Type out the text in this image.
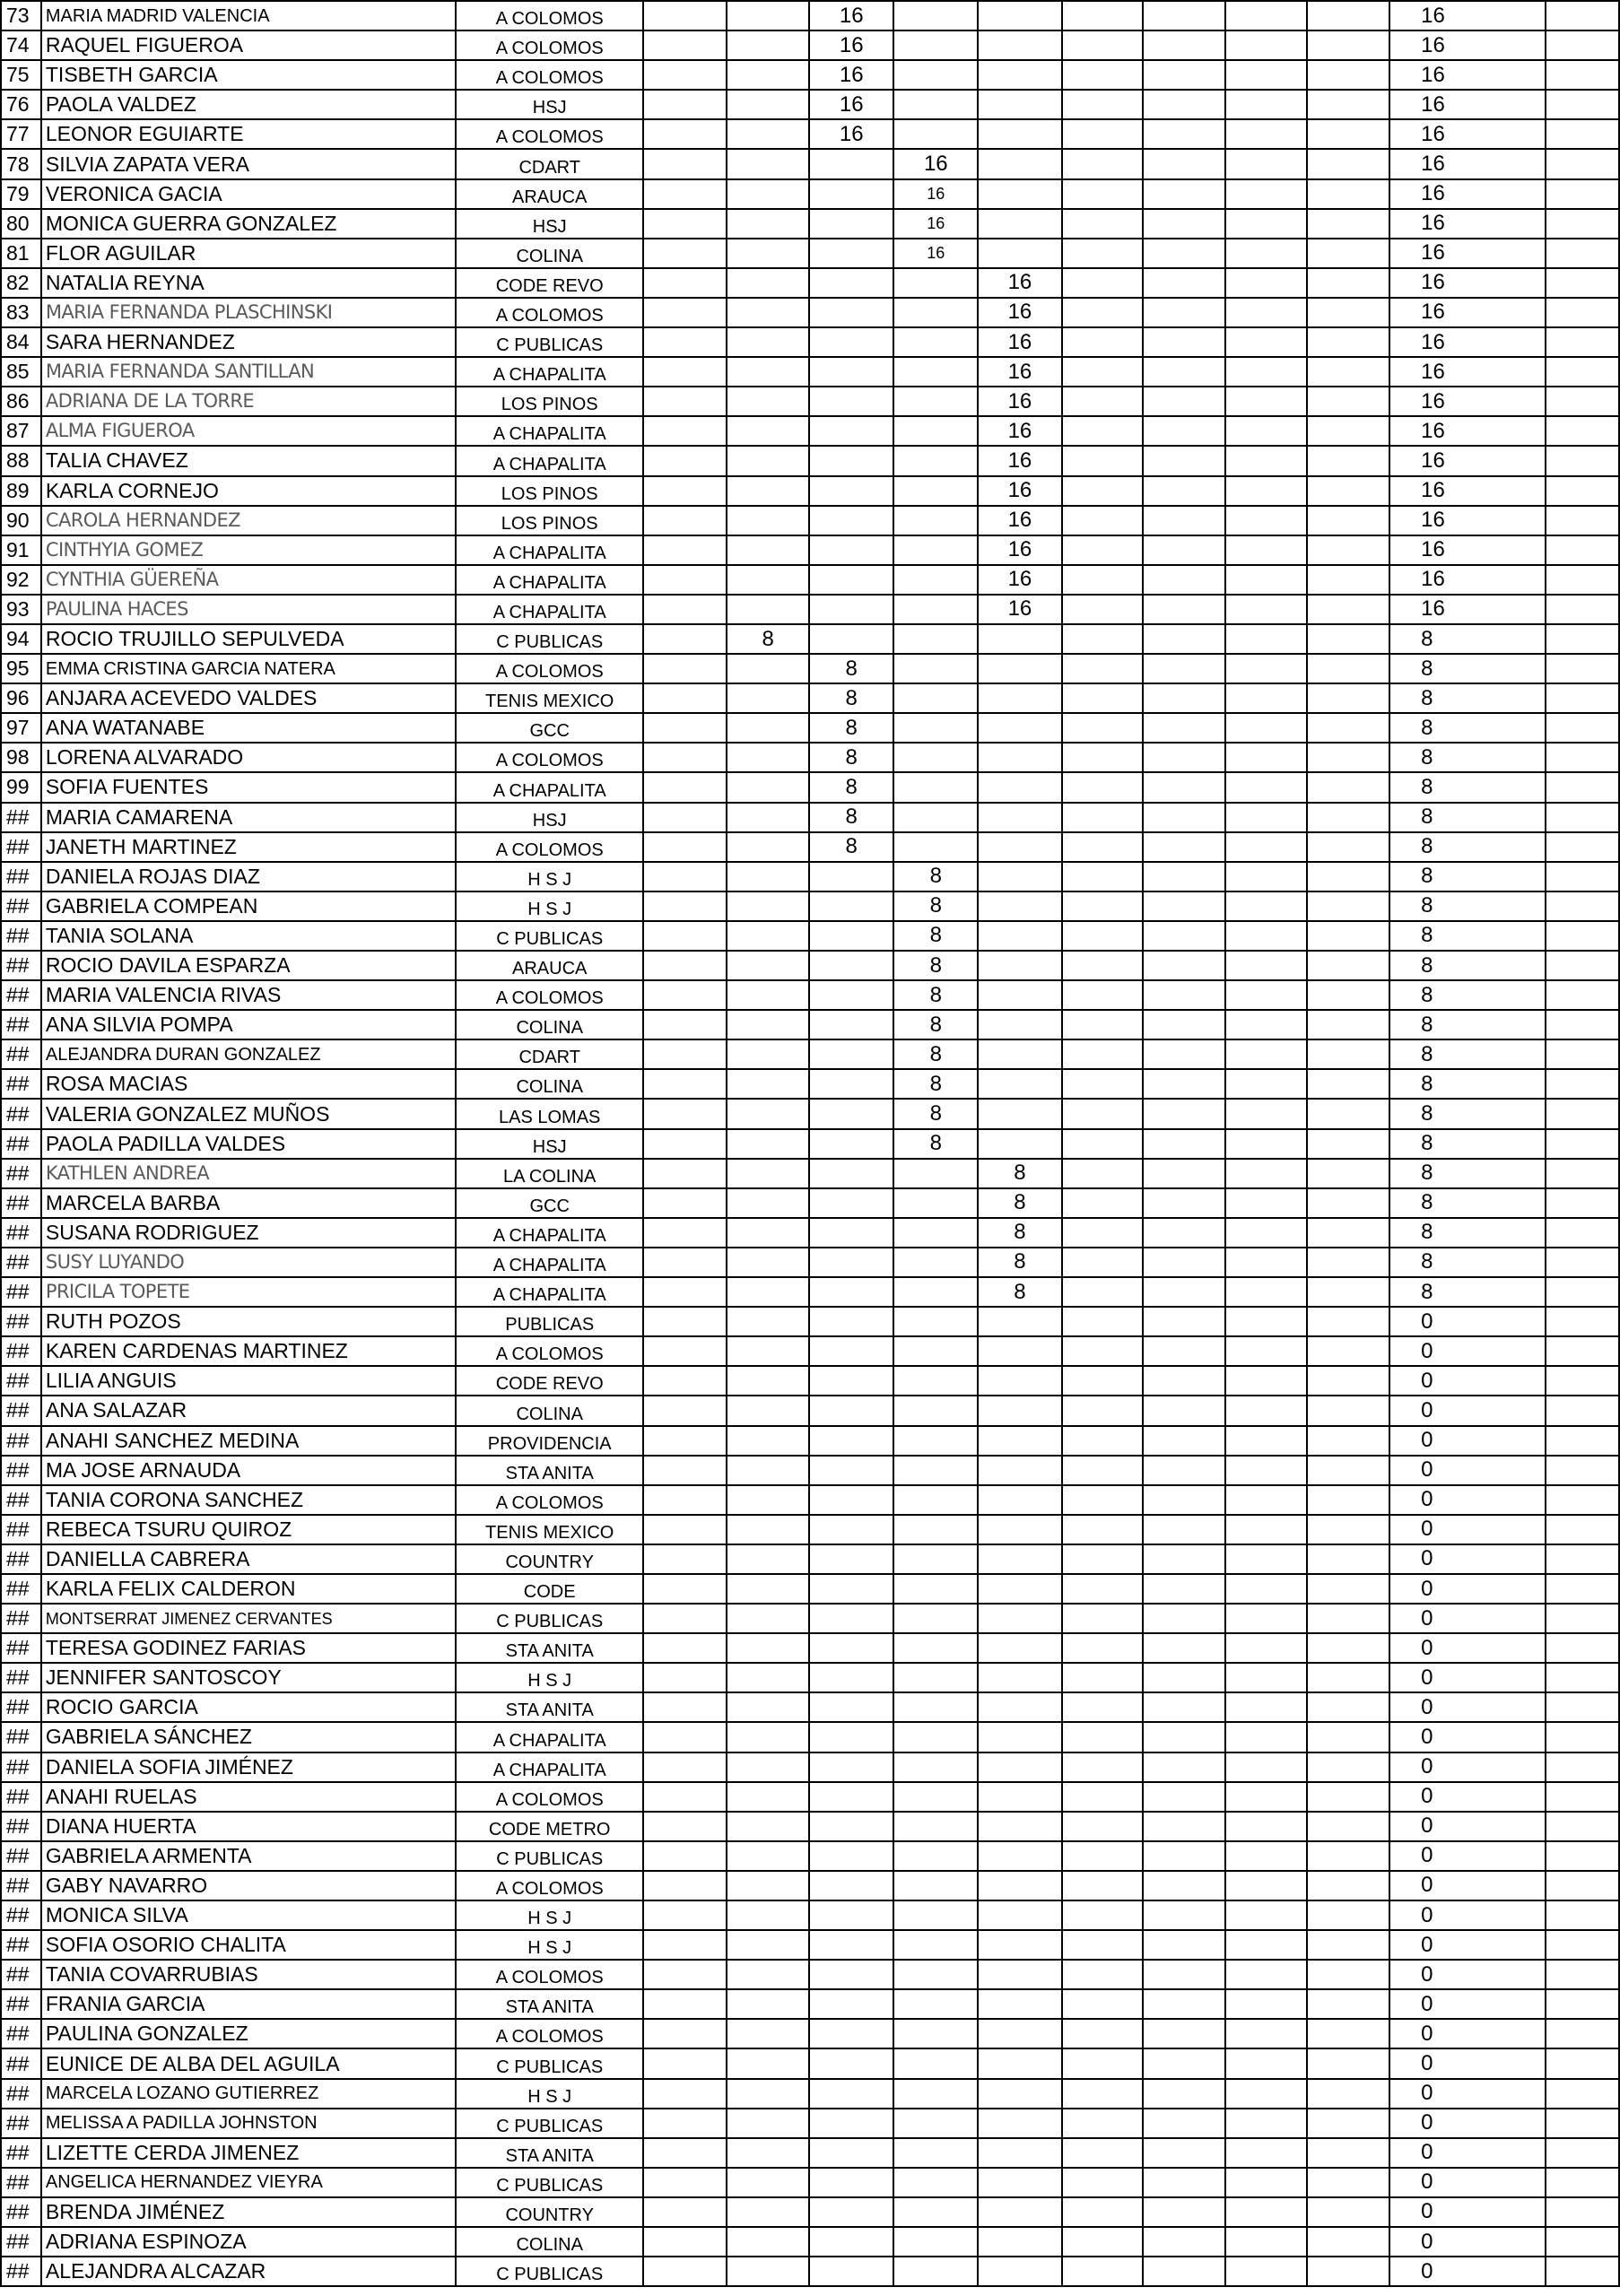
73	MARIA MADRID VALENCIA	A COLOMOS			16							16	
74	RAQUEL FIGUEROA	A COLOMOS			16							16	
75	TISBETH GARCIA	A COLOMOS			16							16	
76	PAOLA VALDEZ	HSJ			16							16	
77	LEONOR EGUIARTE	A COLOMOS			16							16	
78	SILVIA ZAPATA VERA	CDART				16						16	
79	VERONICA GACIA	ARAUCA				16						16	
80	MONICA GUERRA GONZALEZ	HSJ				16						16	
81	FLOR AGUILAR	COLINA				16						16	
82	NATALIA REYNA	CODE REVO					16					16	
83	MARIA FERNANDA PLASCHINSKI	A COLOMOS					16					16	
84	SARA HERNANDEZ	C PUBLICAS					16					16	
85	MARIA FERNANDA SANTILLAN	A CHAPALITA					16					16	
86	ADRIANA DE LA TORRE	LOS PINOS					16					16	
87	ALMA FIGUEROA	A CHAPALITA					16					16	
88	TALIA CHAVEZ	A CHAPALITA					16					16	
89	KARLA CORNEJO	LOS PINOS					16					16	
90	CAROLA HERNANDEZ	LOS PINOS					16					16	
91	CINTHYIA GOMEZ	A CHAPALITA					16					16	
92	CYNTHIA GÜEREÑA	A CHAPALITA					16					16	
93	PAULINA HACES	A CHAPALITA					16					16	
94	ROCIO TRUJILLO SEPULVEDA	C PUBLICAS		8								8	
95	EMMA CRISTINA GARCIA NATERA	A COLOMOS			8							8	
96	ANJARA ACEVEDO VALDES	TENIS MEXICO			8							8	
97	ANA WATANABE	GCC			8							8	
98	LORENA ALVARADO	A COLOMOS			8							8	
99	SOFIA FUENTES	A CHAPALITA			8							8	
##	MARIA CAMARENA	HSJ			8							8	
##	JANETH MARTINEZ	A COLOMOS			8							8	
##	DANIELA ROJAS DIAZ	H S J				8						8	
##	GABRIELA COMPEAN	H S J				8						8	
##	TANIA SOLANA	C PUBLICAS				8						8	
##	ROCIO DAVILA ESPARZA	ARAUCA				8						8	
##	MARIA VALENCIA RIVAS	A COLOMOS				8						8	
##	ANA SILVIA POMPA	COLINA				8						8	
##	ALEJANDRA DURAN GONZALEZ	CDART				8						8	
##	ROSA MACIAS	COLINA				8						8	
##	VALERIA GONZALEZ MUÑOS	LAS LOMAS				8						8	
##	PAOLA PADILLA VALDES	HSJ				8						8	
##	KATHLEN ANDREA	LA COLINA					8					8	
##	MARCELA BARBA	GCC					8					8	
##	SUSANA RODRIGUEZ	A CHAPALITA					8					8	
##	SUSY LUYANDO	A CHAPALITA					8					8	
##	PRICILA TOPETE	A CHAPALITA					8					8	
##	RUTH POZOS	PUBLICAS										0	
##	KAREN CARDENAS MARTINEZ	A COLOMOS										0	
##	LILIA ANGUIS	CODE REVO										0	
##	ANA SALAZAR	COLINA										0	
##	ANAHI SANCHEZ MEDINA	PROVIDENCIA										0	
##	MA JOSE ARNAUDA	STA ANITA										0	
##	TANIA CORONA SANCHEZ	A COLOMOS										0	
##	REBECA TSURU QUIROZ	TENIS MEXICO										0	
##	DANIELLA CABRERA	COUNTRY										0	
##	KARLA FELIX CALDERON	CODE										0	
##	MONTSERRAT JIMENEZ CERVANTES	C PUBLICAS										0	
##	TERESA GODINEZ FARIAS	STA ANITA										0	
##	JENNIFER SANTOSCOY	H S J										0	
##	ROCIO GARCIA	STA ANITA										0	
##	GABRIELA SÁNCHEZ	A CHAPALITA										0	
##	DANIELA SOFIA JIMÉNEZ	A CHAPALITA										0	
##	ANAHI RUELAS	A COLOMOS										0	
##	DIANA HUERTA	CODE METRO										0	
##	GABRIELA ARMENTA	C PUBLICAS										0	
##	GABY NAVARRO	A COLOMOS										0	
##	MONICA SILVA	H S J										0	
##	SOFIA OSORIO CHALITA	H S J										0	
##	TANIA COVARRUBIAS	A COLOMOS										0	
##	FRANIA GARCIA	STA ANITA										0	
##	PAULINA GONZALEZ	A COLOMOS										0	
##	EUNICE DE ALBA DEL AGUILA	C PUBLICAS										0	
##	MARCELA LOZANO GUTIERREZ	H S J										0	
##	MELISSA A PADILLA JOHNSTON	C PUBLICAS										0	
##	LIZETTE CERDA JIMENEZ	STA ANITA										0	
##	ANGELICA HERNANDEZ VIEYRA	C PUBLICAS										0	
##	BRENDA JIMÉNEZ	COUNTRY										0	
##	ADRIANA ESPINOZA	COLINA										0	
##	ALEJANDRA ALCAZAR	C PUBLICAS										0	
